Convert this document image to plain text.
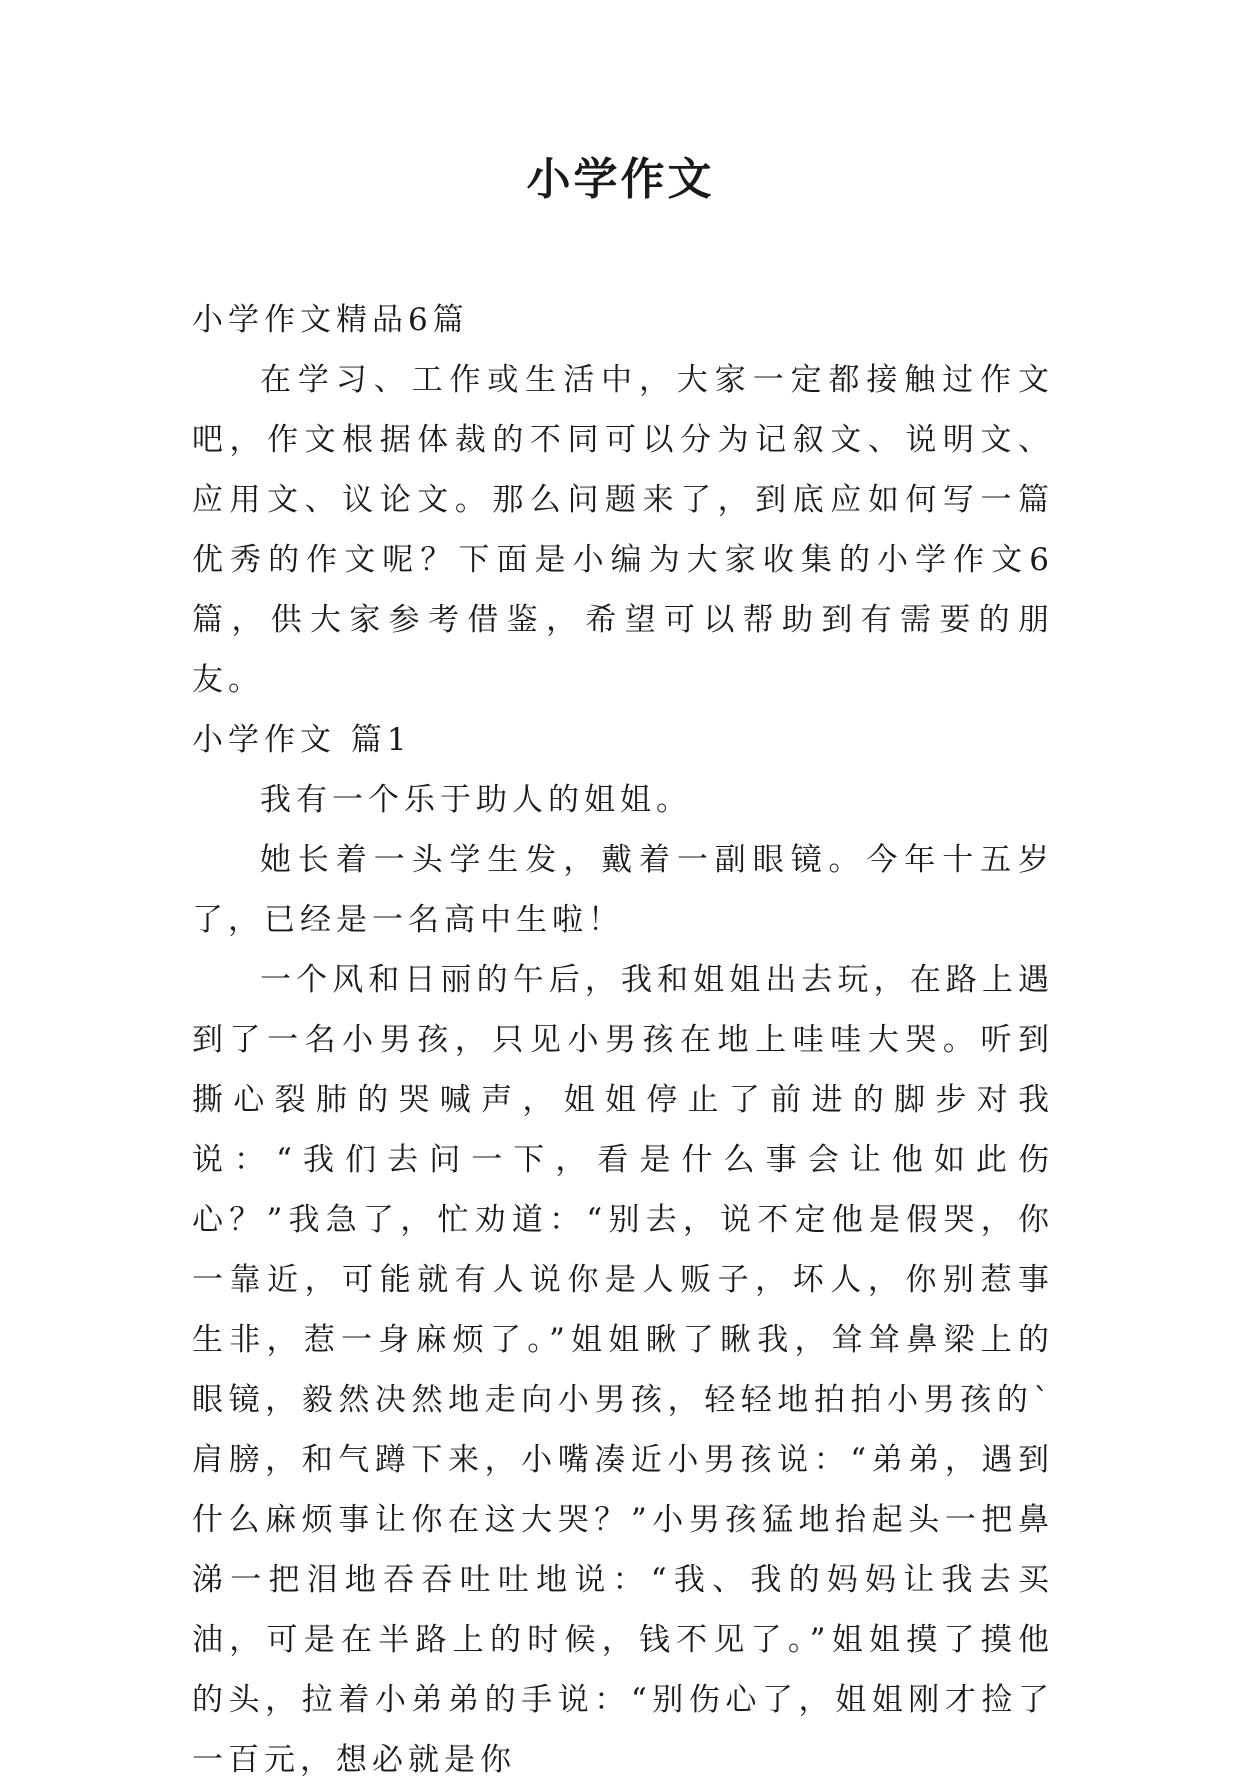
小学作文

小学作文精品6篇

在学习、工作或生活中，大家一定都接触过作文吧，作文根据体裁的不同可以分为记叙文、说明文、应用文、议论文。那么问题来了，到底应如何写一篇优秀的作文呢？下面是小编为大家收集的小学作文6篇，供大家参考借鉴，希望可以帮助到有需要的朋友。

小学作文 篇1

我有一个乐于助人的姐姐。

她长着一头学生发，戴着一副眼镜。今年十五岁了，已经是一名高中生啦！

一个风和日丽的午后，我和姐姐出去玩，在路上遇到了一名小男孩，只见小男孩在地上哇哇大哭。听到撕心裂肺的哭喊声，姐姐停止了前进的脚步对我说：“我们去问一下，看是什么事会让他如此伤心？”我急了，忙劝道：“别去，说不定他是假哭，你一靠近，可能就有人说你是人贩子，坏人，你别惹事生非，惹一身麻烦了。”姐姐瞅了瞅我，耸耸鼻梁上的眼镜，毅然决然地走向小男孩，轻轻地拍拍小男孩的`肩膀，和气蹲下来，小嘴凑近小男孩说：“弟弟，遇到什么麻烦事让你在这大哭？”小男孩猛地抬起头一把鼻涕一把泪地吞吞吐吐地说：“我、我的妈妈让我去买油，可是在半路上的时候，钱不见了。”姐姐摸了摸他的头，拉着小弟弟的手说：“别伤心了，姐姐刚才捡了一百元，想必就是你
